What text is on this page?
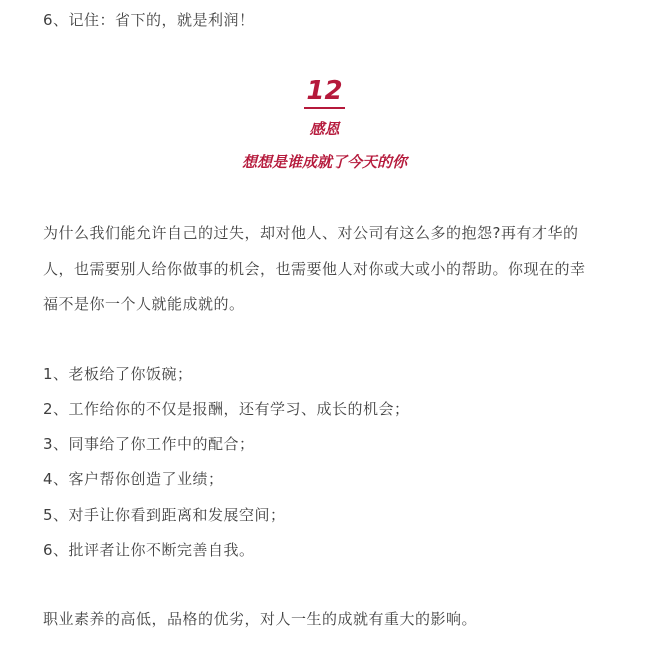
6、记住：省下的，就是利润！
12
感恩
想想是谁成就了今天的你
为什么我们能允许自己的过失，却对他人、对公司有这么多的抱怨?再有才华的
人，也需要别人给你做事的机会，也需要他人对你或大或小的帮助。你现在的幸
福不是你一个人就能成就的。
1、老板给了你饭碗；
2、工作给你的不仅是报酬，还有学习、成长的机会；
3、同事给了你工作中的配合；
4、客户帮你创造了业绩；
5、对手让你看到距离和发展空间；
6、批评者让你不断完善自我。
职业素养的高低，品格的优劣，对人一生的成就有重大的影响。
